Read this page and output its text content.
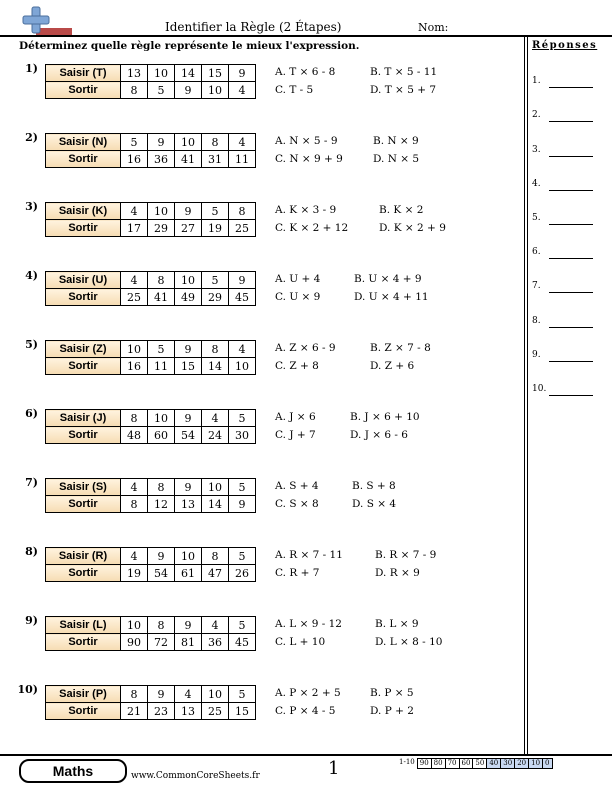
Identifier la Règle (2 Étapes)	Nom:
Déterminez quelle règle représente le mieux l'expression.	Réponses
1.
2.
3.
4.
5.
6.
7.
8.
9.
10.
1) Saisir (T)	13	10	14	15	9
Sortir	8	5	9	10	4
A. T × 6 - 8	B. T × 5 - 11
C. T - 5	D. T × 5 + 7
2) Saisir (N)	5	9	10	8	4
Sortir	16	36	41	31	11
A. N × 5 - 9	B. N × 9
C. N × 9 + 9	D. N × 5
3) Saisir (K)	4	10	9	5	8
Sortir	17	29	27	19	25
A. K × 3 - 9	B. K × 2
C. K × 2 + 12	D. K × 2 + 9
4) Saisir (U)	4	8	10	5	9
Sortir	25	41	49	29	45
A. U + 4	B. U × 4 + 9
C. U × 9	D. U × 4 + 11
5) Saisir (Z)	10	5	9	8	4
Sortir	16	11	15	14	10
A. Z × 6 - 9	B. Z × 7 - 8
C. Z + 8	D. Z + 6
6) Saisir (J)	8	10	9	4	5
Sortir	48	60	54	24	30
A. J × 6	B. J × 6 + 10
C. J + 7	D. J × 6 - 6
7) Saisir (S)	4	8	9	10	5
Sortir	8	12	13	14	9
A. S + 4	B. S + 8
C. S × 8	D. S × 4
8) Saisir (R)	4	9	10	8	5
Sortir	19	54	61	47	26
A. R × 7 - 11	B. R × 7 - 9
C. R + 7	D. R × 9
9) Saisir (L)	10	8	9	4	5
Sortir	90	72	81	36	45
A. L × 9 - 12	B. L × 9
C. L + 10	D. L × 8 - 10
10) Saisir (P)	8	9	4	10	5
Sortir	21	23	13	25	15
A. P × 2 + 5	B. P × 5
C. P × 4 - 5	D. P + 2
Maths	www.CommonCoreSheets.fr	1	1-10 90 80 70 60 50 40 30 20 10 0
